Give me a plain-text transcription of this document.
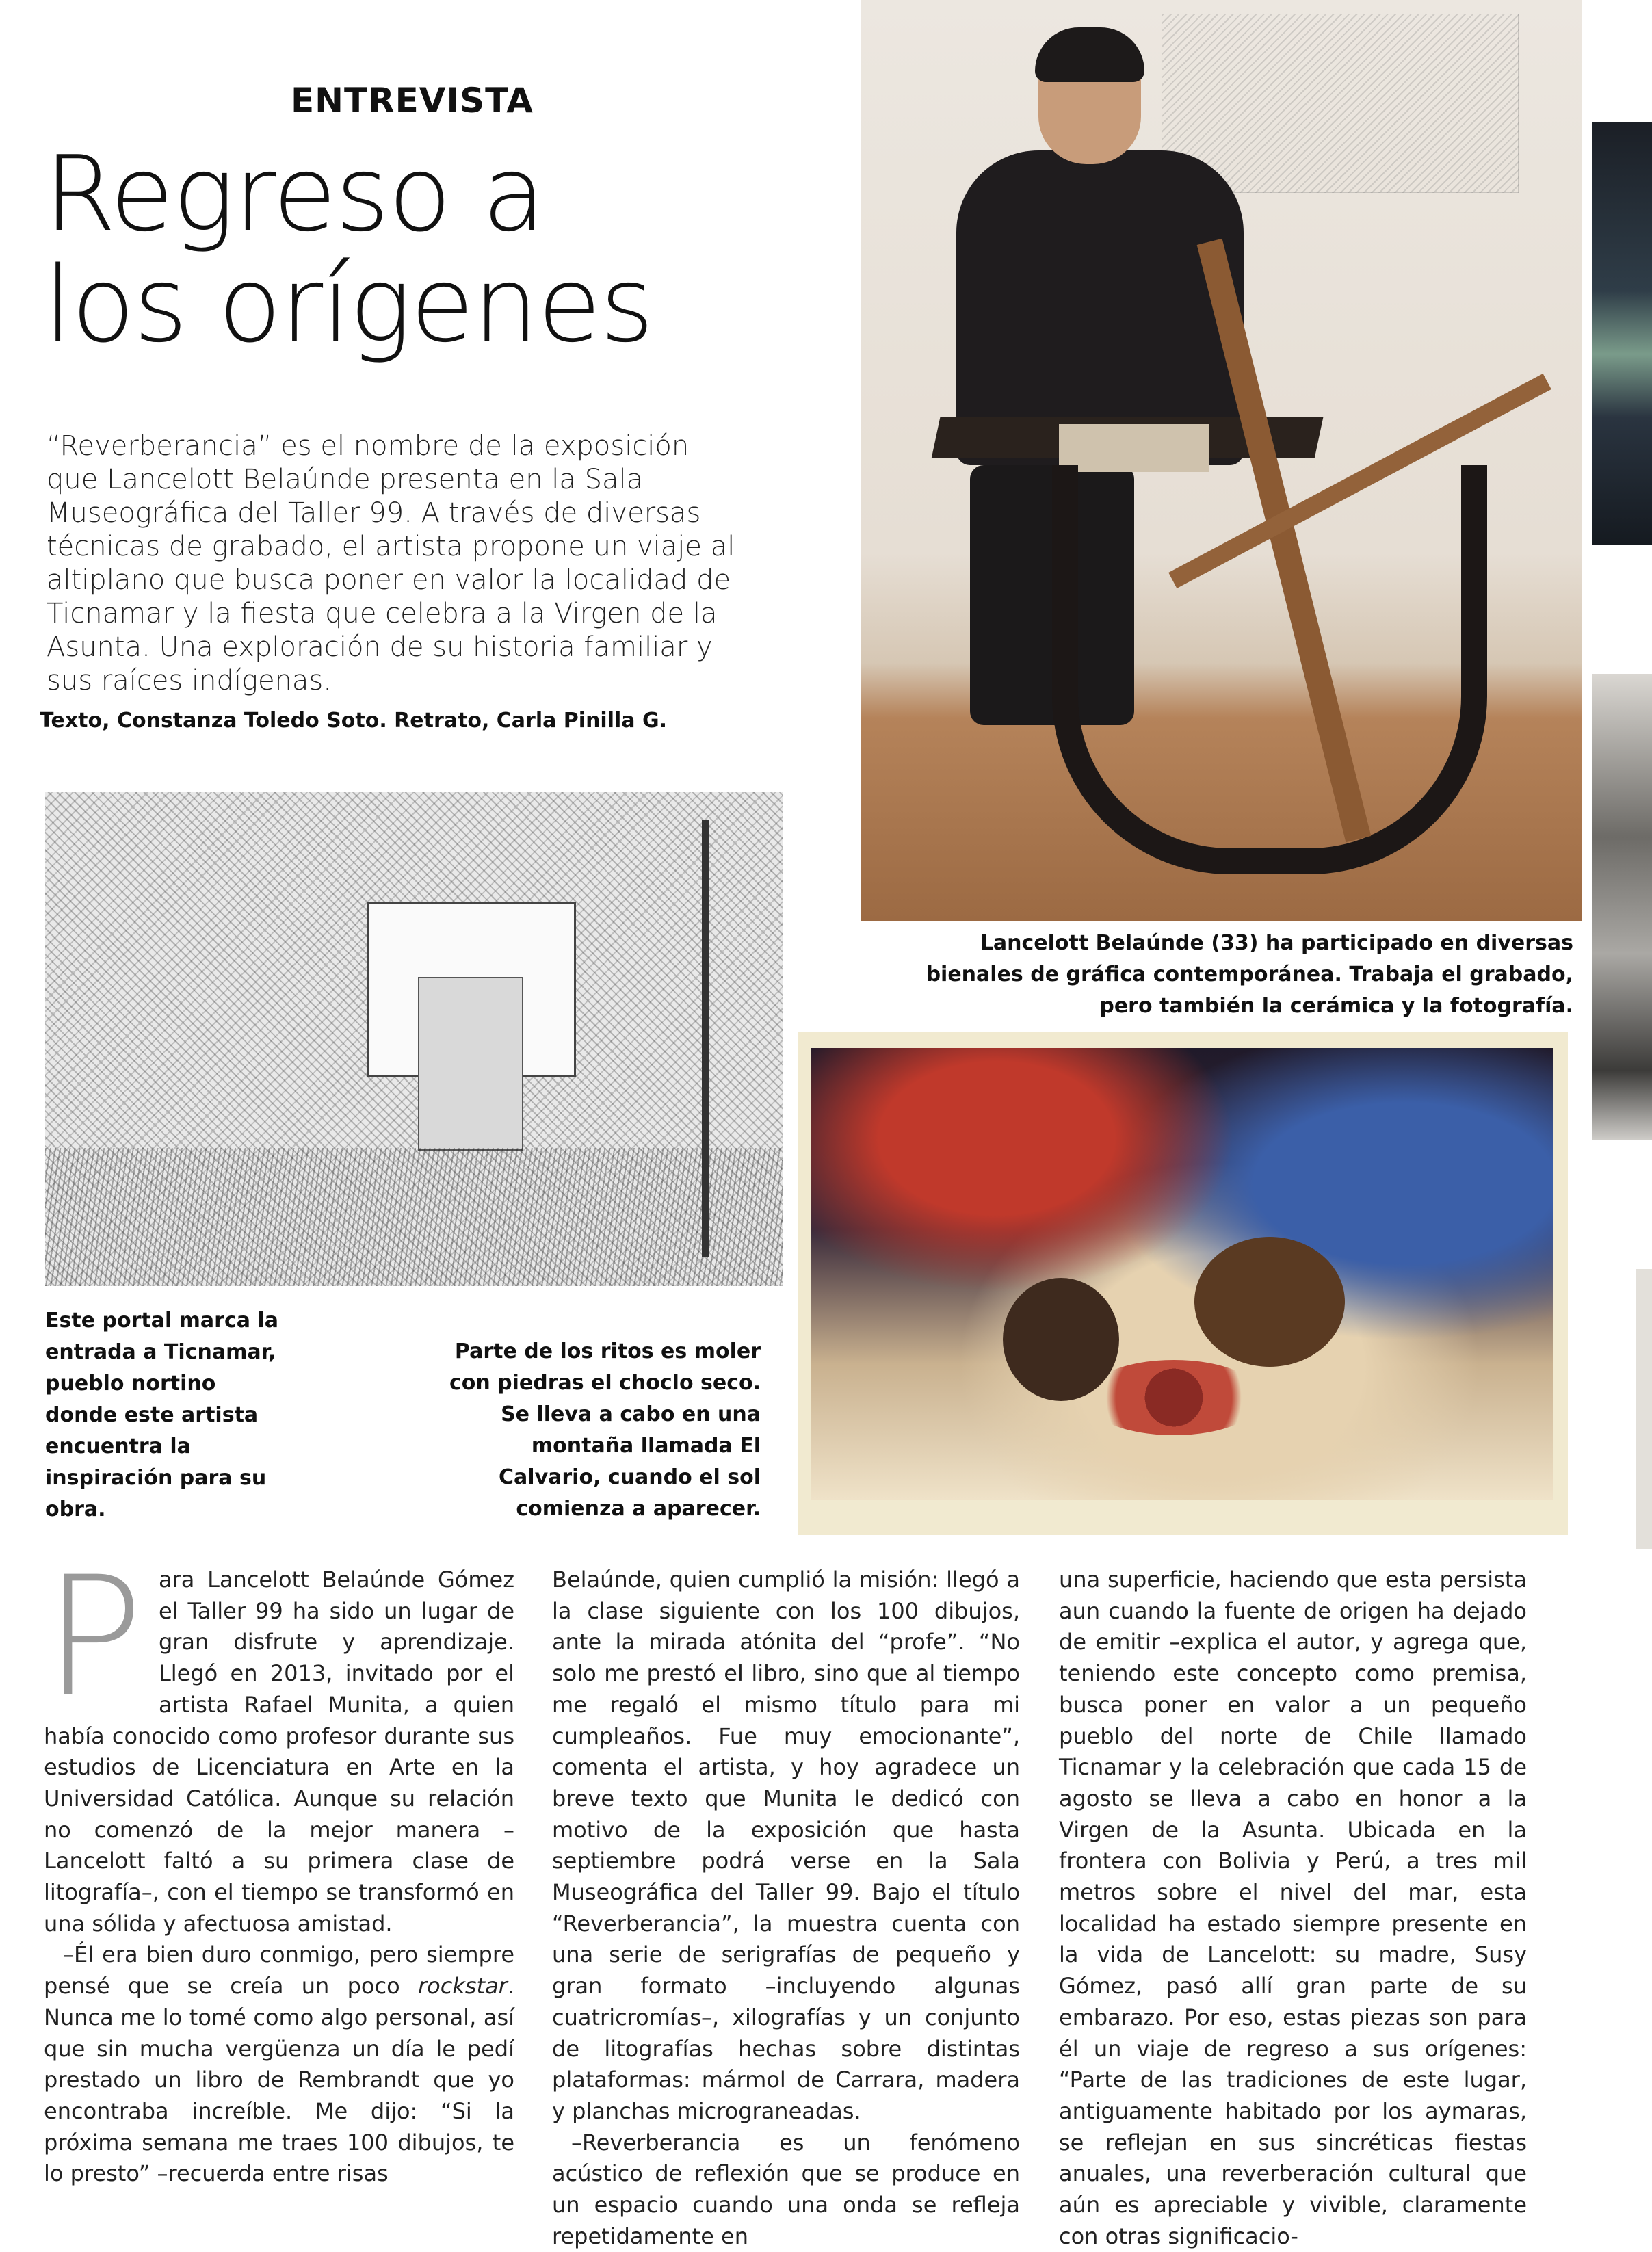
ENTREVISTA
Regreso a
los orígenes
“Reverberancia” es el nombre de la exposición que Lancelott Belaúnde presenta en la Sala Museográfica del Taller 99. A través de diversas técnicas de grabado, el artista propone un viaje al altiplano que busca poner en valor la localidad de Ticnamar y la fiesta que celebra a la Virgen de la Asunta. Una exploración de su historia familiar y sus raíces indígenas.
Texto, Constanza Toledo Soto. Retrato, Carla Pinilla G.
Lancelott Belaúnde (33) ha participado en diversas bienales de gráfica contemporánea. Trabaja el grabado, pero también la cerámica y la fotografía.
Este portal marca la entrada a Ticnamar, pueblo nortino donde este artista encuentra la inspiración para su obra.
Parte de los ritos es moler con piedras el choclo seco. Se lleva a cabo en una montaña llamada El Calvario, cuando el sol comienza a aparecer.

Para Lancelott Belaúnde Gómez el Taller 99 ha sido un lugar de gran disfrute y aprendizaje. Llegó en 2013, invitado por el artista Rafael Munita, a quien había conocido como profesor durante sus estudios de Licenciatura en Arte en la Universidad Católica. Aunque su relación no comenzó de la mejor manera –Lancelott faltó a su primera clase de litografía–, con el tiempo se transformó en una sólida y afectuosa amistad.

–Él era bien duro conmigo, pero siempre pensé que se creía un poco rockstar. Nunca me lo tomé como algo personal, así que sin mucha vergüenza un día le pedí prestado un libro de Rembrandt que yo encontraba increíble. Me dijo: “Si la próxima semana me traes 100 dibujos, te lo presto” –recuerda entre risas

Belaúnde, quien cumplió la misión: llegó a la clase siguiente con los 100 dibujos, ante la mirada atónita del “profe”. “No solo me prestó el libro, sino que al tiempo me regaló el mismo título para mi cumpleaños. Fue muy emocionante”, comenta el artista, y hoy agradece un breve texto que Munita le dedicó con motivo de la exposición que hasta septiembre podrá verse en la Sala Museográfica del Taller 99. Bajo el título “Reverberancia”, la muestra cuenta con una serie de serigrafías de pequeño y gran formato –incluyendo algunas cuatricromías–, xilografías y un conjunto de litografías hechas sobre distintas plataformas: mármol de Carrara, madera y planchas micrograneadas.

–Reverberancia es un fenómeno acústico de reflexión que se produce en un espacio cuando una onda se refleja repetidamente en

una superficie, haciendo que esta persista aun cuando la fuente de origen ha dejado de emitir –explica el autor, y agrega que, teniendo este concepto como premisa, busca poner en valor a un pequeño pueblo del norte de Chile llamado Ticnamar y la celebración que cada 15 de agosto se lleva a cabo en honor a la Virgen de la Asunta. Ubicada en la frontera con Bolivia y Perú, a tres mil metros sobre el nivel del mar, esta localidad ha estado siempre presente en la vida de Lancelott: su madre, Susy Gómez, pasó allí gran parte de su embarazo. Por eso, estas piezas son para él un viaje de regreso a sus orígenes: “Parte de las tradiciones de este lugar, antiguamente habitado por los aymaras, se reflejan en sus sincréticas fiestas anuales, una reverberación cultural que aún es apreciable y vivible, claramente con otras significacio-
